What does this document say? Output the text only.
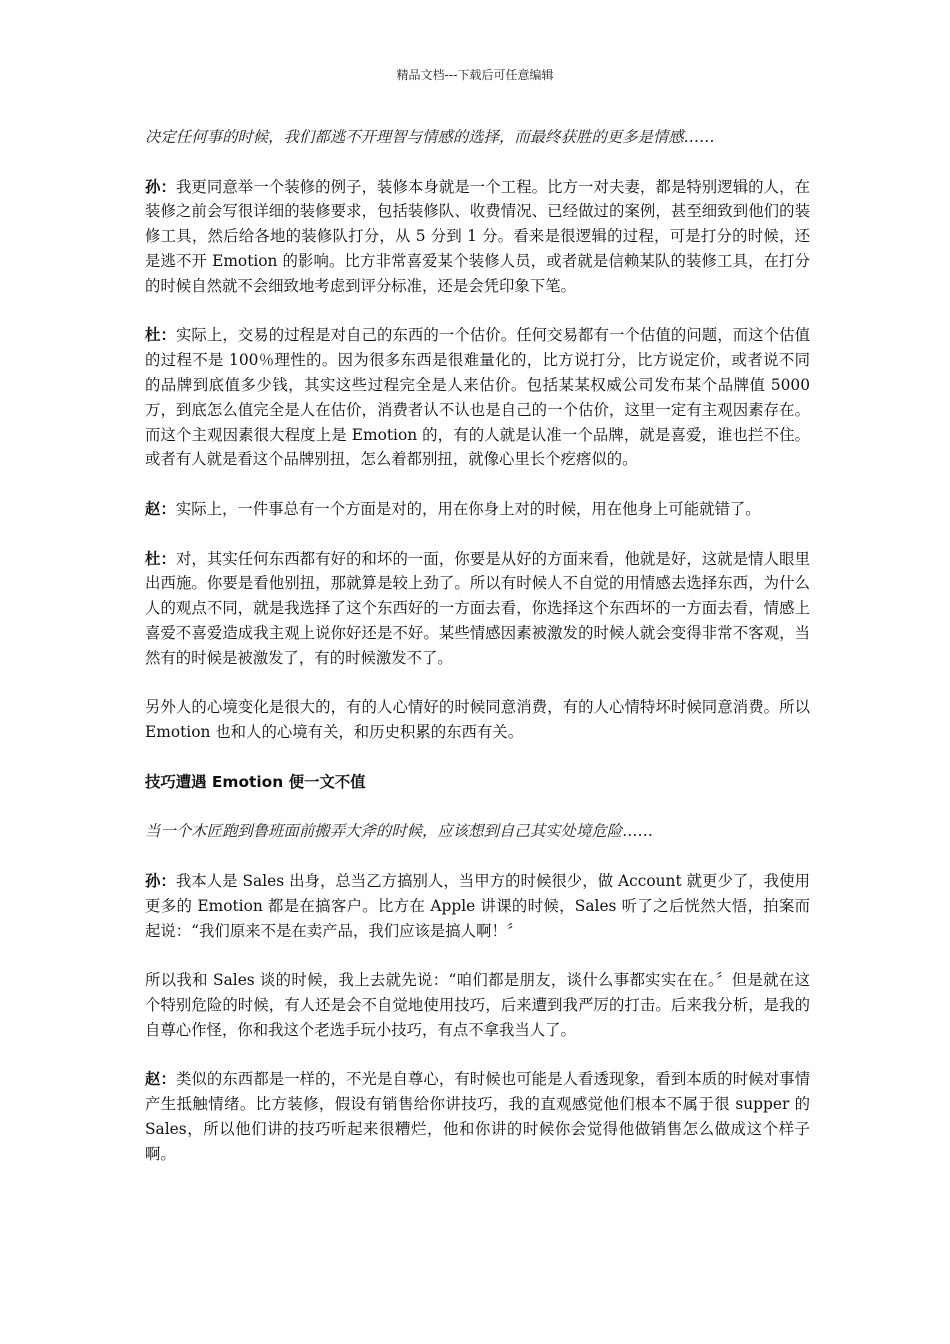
精品文档---下载后可任意编辑

决定任何事的时候，我们都逃不开理智与情感的选择，而最终获胜的更多是情感……

孙：我更同意举一个装修的例子，装修本身就是一个工程。比方一对夫妻，都是特别逻辑的人，在装修之前会写很详细的装修要求，包括装修队、收费情况、已经做过的案例，甚至细致到他们的装修工具，然后给各地的装修队打分，从 5 分到 1 分。看来是很逻辑的过程，可是打分的时候，还是逃不开 Emotion 的影响。比方非常喜爱某个装修人员，或者就是信赖某队的装修工具，在打分的时候自然就不会细致地考虑到评分标准，还是会凭印象下笔。

杜：实际上，交易的过程是对自己的东西的一个估价。任何交易都有一个估值的问题，而这个估值的过程不是 100％理性的。因为很多东西是很难量化的，比方说打分，比方说定价，或者说不同的品牌到底值多少钱，其实这些过程完全是人来估价。包括某某权威公司发布某个品牌值 5000 万，到底怎么值完全是人在估价，消费者认不认也是自己的一个估价，这里一定有主观因素存在。而这个主观因素很大程度上是 Emotion 的，有的人就是认准一个品牌，就是喜爱，谁也拦不住。或者有人就是看这个品牌别扭，怎么着都别扭，就像心里长个疙瘩似的。

赵：实际上，一件事总有一个方面是对的，用在你身上对的时候，用在他身上可能就错了。

杜：对，其实任何东西都有好的和坏的一面，你要是从好的方面来看，他就是好，这就是情人眼里出西施。你要是看他别扭，那就算是较上劲了。所以有时候人不自觉的用情感去选择东西，为什么人的观点不同，就是我选择了这个东西好的一方面去看，你选择这个东西坏的一方面去看，情感上喜爱不喜爱造成我主观上说你好还是不好。某些情感因素被激发的时候人就会变得非常不客观，当然有的时候是被激发了，有的时候激发不了。

另外人的心境变化是很大的，有的人心情好的时候同意消费，有的人心情特坏时候同意消费。所以 Emotion 也和人的心境有关，和历史积累的东西有关。

技巧遭遇 Emotion 便一文不值

当一个木匠跑到鲁班面前搬弄大斧的时候，应该想到自己其实处境危险……

孙：我本人是 Sales 出身，总当乙方搞别人，当甲方的时候很少，做 Account 就更少了，我使用更多的 Emotion 都是在搞客户。比方在 Apple 讲课的时候，Sales 听了之后恍然大悟，拍案而起说：“我们原来不是在卖产品，我们应该是搞人啊！〞

所以我和 Sales 谈的时候，我上去就先说：“咱们都是朋友，谈什么事都实实在在。〞但是就在这个特别危险的时候，有人还是会不自觉地使用技巧，后来遭到我严厉的打击。后来我分析，是我的自尊心作怪，你和我这个老选手玩小技巧，有点不拿我当人了。

赵：类似的东西都是一样的，不光是自尊心，有时候也可能是人看透现象，看到本质的时候对事情产生抵触情绪。比方装修，假设有销售给你讲技巧，我的直观感觉他们根本不属于很 supper 的 Sales，所以他们讲的技巧听起来很糟烂，他和你讲的时候你会觉得他做销售怎么做成这个样子啊。
